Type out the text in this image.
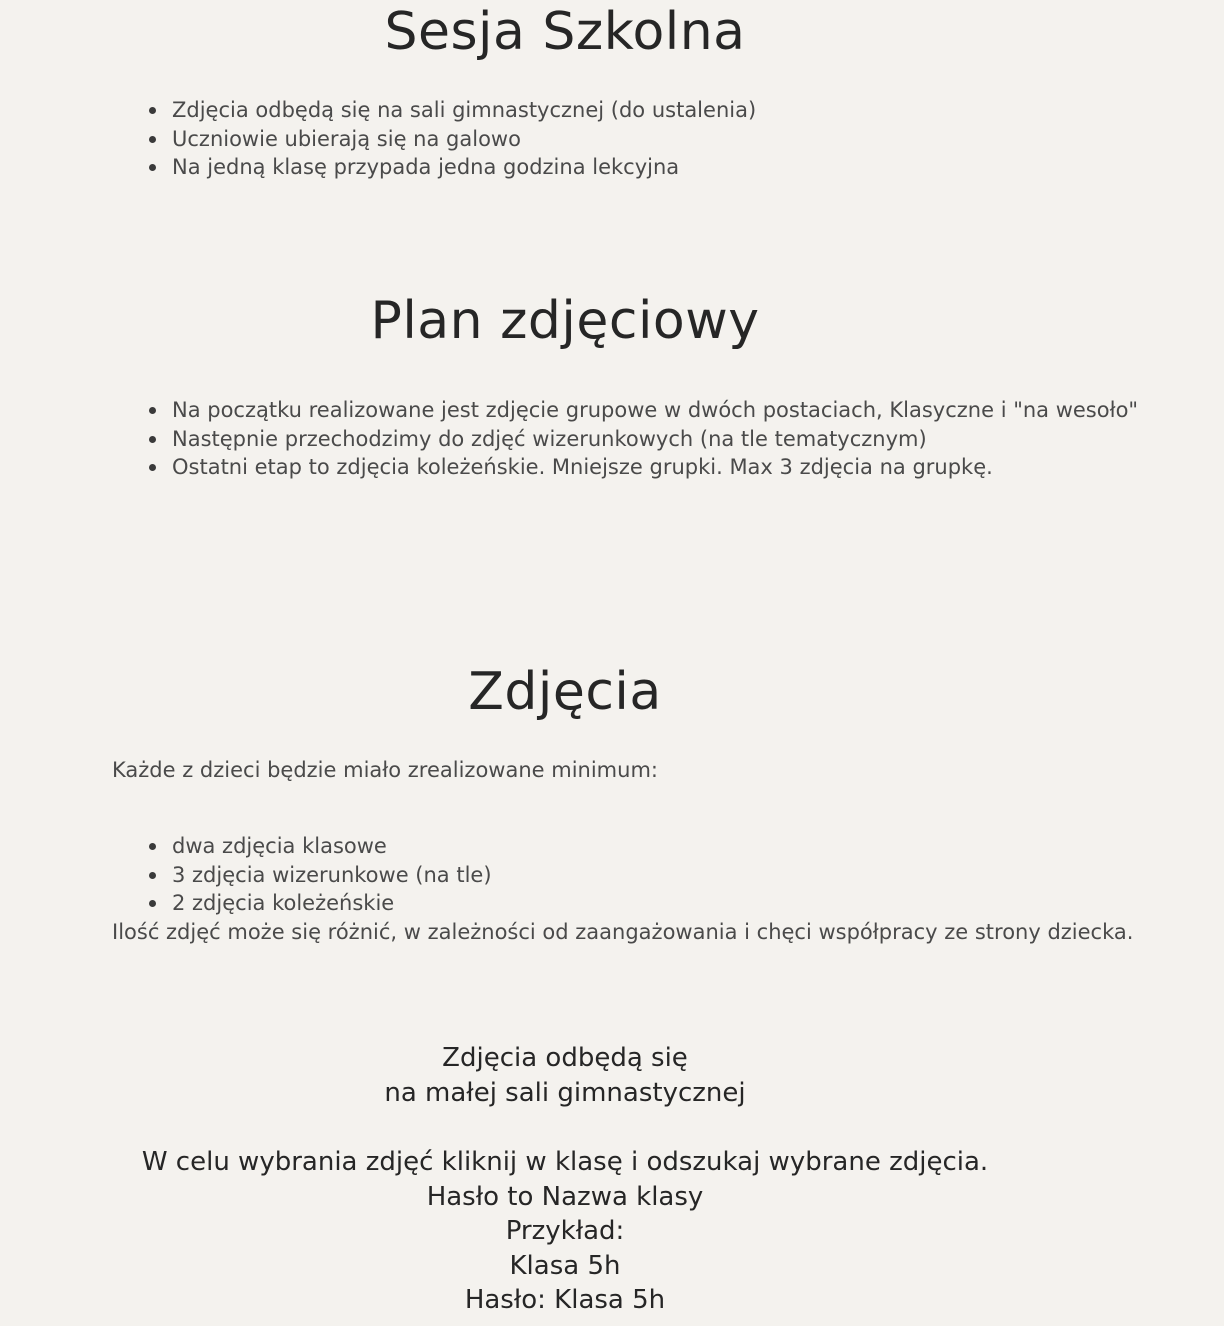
Sesja Szkolna
Zdjęcia odbędą się na sali gimnastycznej (do ustalenia)
Uczniowie ubierają się na galowo
Na jedną klasę przypada jedna godzina lekcyjna
Plan zdjęciowy
Na początku realizowane jest zdjęcie grupowe w dwóch postaciach, Klasyczne i "na wesoło"
Następnie przechodzimy do zdjęć wizerunkowych (na tle tematycznym)
Ostatni etap to zdjęcia koleżeńskie. Mniejsze grupki. Max 3 zdjęcia na grupkę.
Zdjęcia

Każde z dzieci będzie miało zrealizowane minimum:

dwa zdjęcia klasowe
3 zdjęcia wizerunkowe (na tle)
2 zdjęcia koleżeńskie

Ilość zdjęć może się różnić, w zależności od zaangażowania i chęci współpracy ze strony dziecka.

Zdjęcia odbędą się
na małej sali gimnastycznej
W celu wybrania zdjęć kliknij w klasę i odszukaj wybrane zdjęcia.
Hasło to Nazwa klasy
Przykład:
Klasa 5h
Hasło: Klasa 5h
